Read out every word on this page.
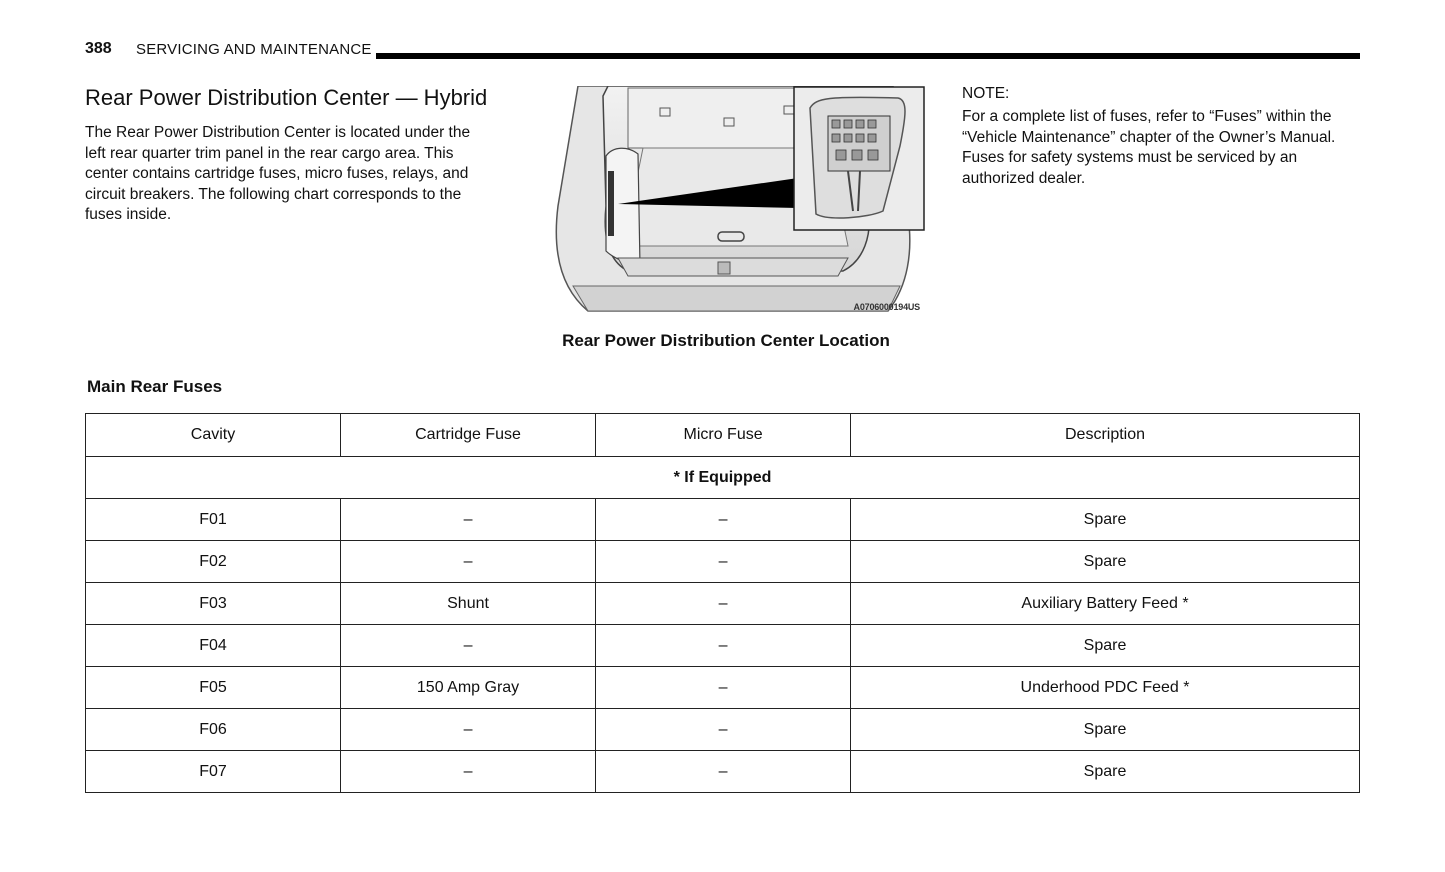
388 SERVICING AND MAINTENANCE
Rear Power Distribution Center — Hybrid

The Rear Power Distribution Center is located under the left rear quarter trim panel in the rear cargo area. This center contains cartridge fuses, micro fuses, relays, and circuit breakers. The following chart corresponds to the fuses inside.

A0706000194US
Rear Power Distribution Center Location
NOTE:
For a complete list of fuses, refer to “Fuses” within the “Vehicle Maintenance” chapter of the Owner’s Manual. Fuses for safety systems must be serviced by an authorized dealer.
Main Rear Fuses
Cavity	Cartridge Fuse	Micro Fuse	Description
* If Equipped			
F01	–	–	Spare
F02	–	–	Spare
F03	Shunt	–	Auxiliary Battery Feed *
F04	–	–	Spare
F05	150 Amp Gray	–	Underhood PDC Feed *
F06	–	–	Spare
F07	–	–	Spare
